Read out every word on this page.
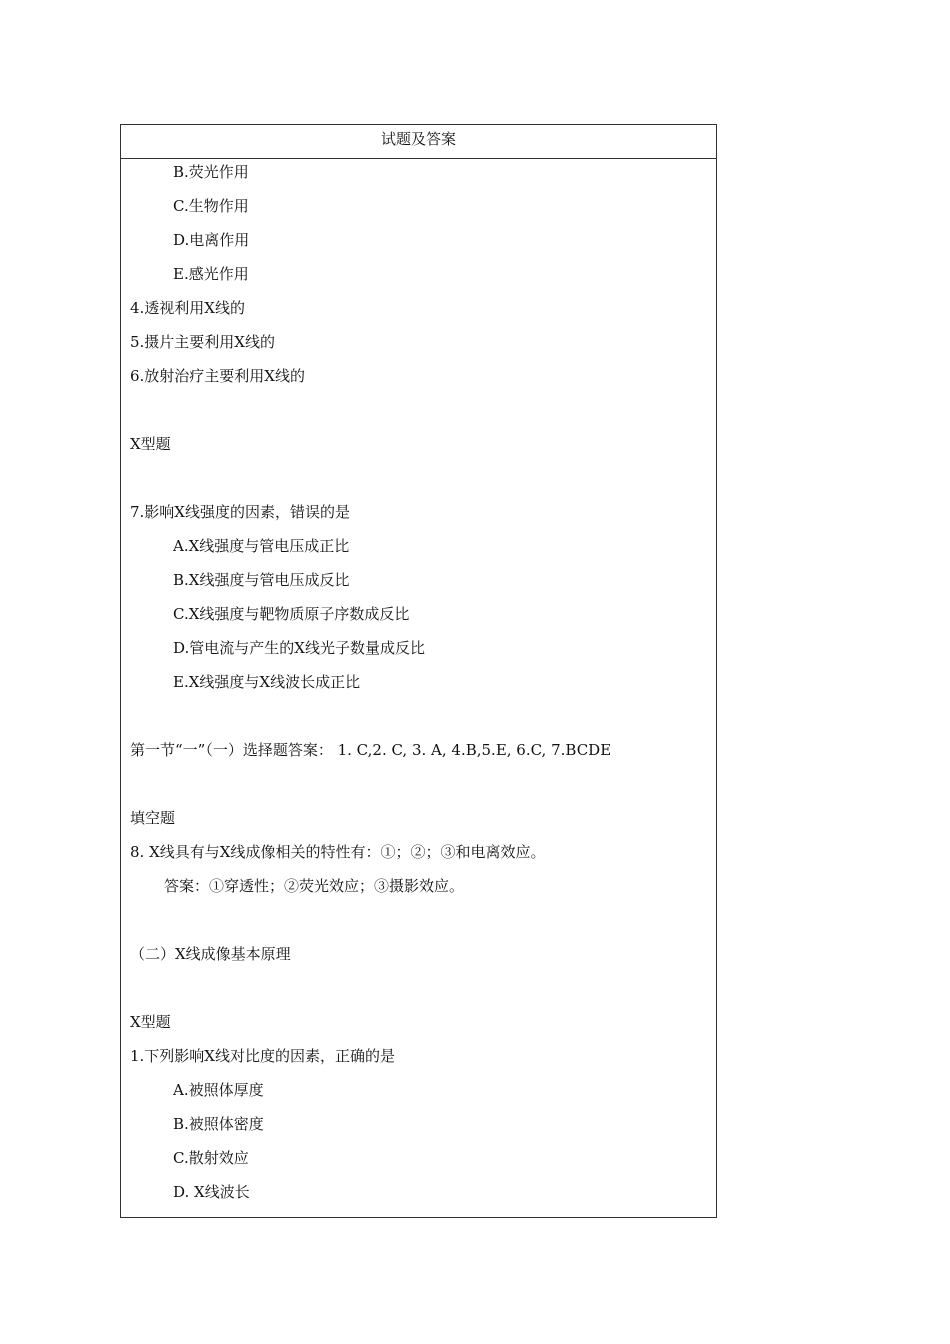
试题及答案
B.荧光作用
C.生物作用
D.电离作用
E.感光作用
4.透视利用X线的
5.摄片主要利用X线的
6.放射治疗主要利用X线的
X型题
7.影响X线强度的因素，错误的是
A.X线强度与管电压成正比
B.X线强度与管电压成反比
C.X线强度与靶物质原子序数成反比
D.管电流与产生的X线光子数量成反比
E.X线强度与X线波长成正比
第一节“一”（一）选择题答案： 1. C,2. C, 3. A, 4.B,5.E, 6.C, 7.BCDE
填空题
8. X线具有与X线成像相关的特性有：①；②；③和电离效应。
答案：①穿透性；②荧光效应；③摄影效应。
（二）X线成像基本原理
X型题
1.下列影响X线对比度的因素，正确的是
A.被照体厚度
B.被照体密度
C.散射效应
D. X线波长
